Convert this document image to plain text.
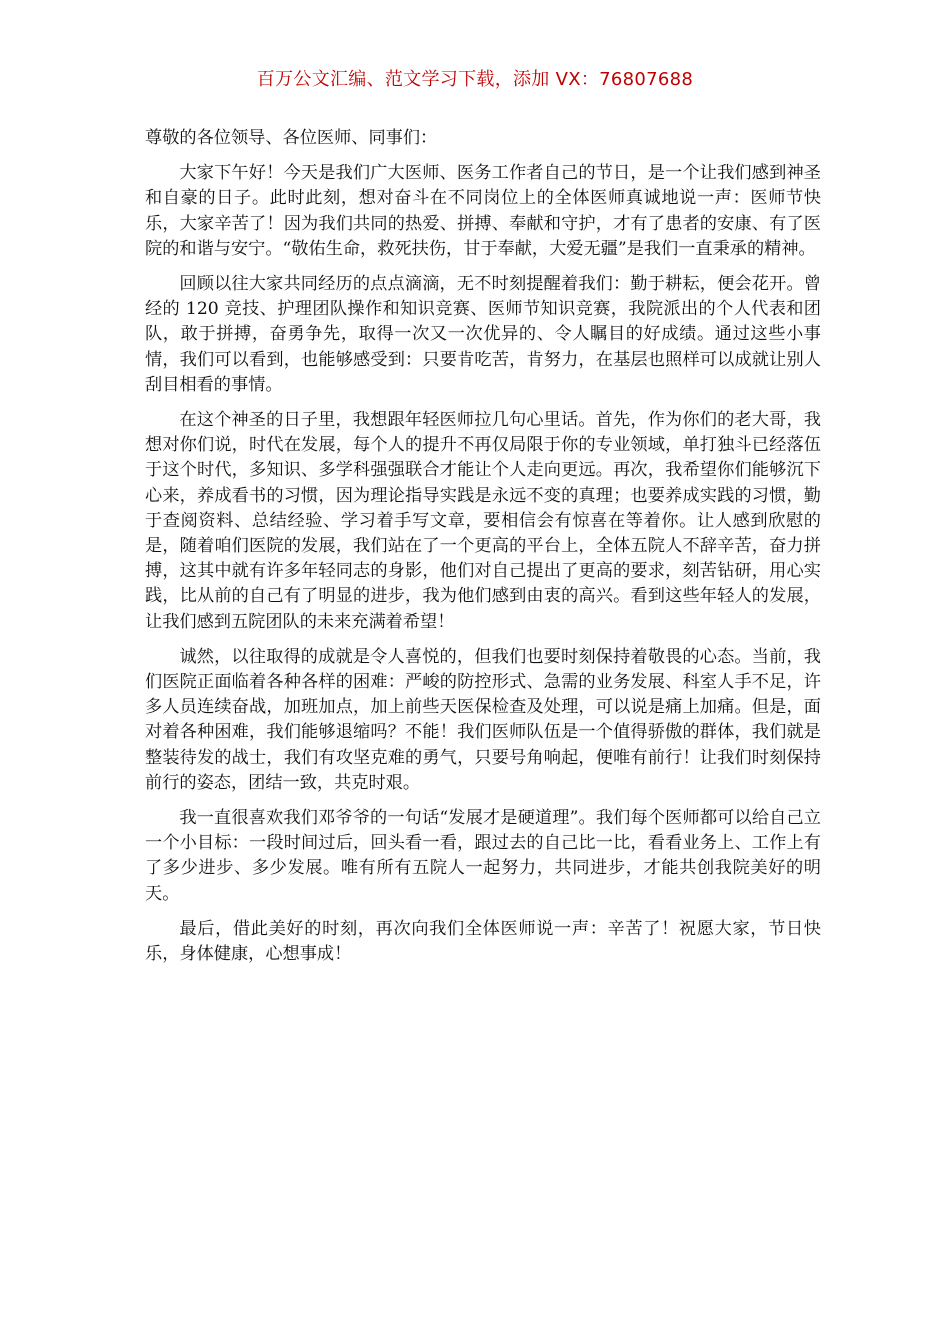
百万公文汇编、范文学习下载，添加 VX：76807688

尊敬的各位领导、各位医师、同事们：

大家下午好！今天是我们广大医师、医务工作者自己的节日，是一个让我们感到神圣和自豪的日子。此时此刻，想对奋斗在不同岗位上的全体医师真诚地说一声：医师节快乐，大家辛苦了！因为我们共同的热爱、拼搏、奉献和守护，才有了患者的安康、有了医院的和谐与安宁。“敬佑生命，救死扶伤，甘于奉献，大爱无疆”是我们一直秉承的精神。

回顾以往大家共同经历的点点滴滴，无不时刻提醒着我们：勤于耕耘，便会花开。曾经的 120 竞技、护理团队操作和知识竞赛、医师节知识竞赛，我院派出的个人代表和团队，敢于拼搏，奋勇争先，取得一次又一次优异的、令人瞩目的好成绩。通过这些小事情，我们可以看到，也能够感受到：只要肯吃苦，肯努力，在基层也照样可以成就让别人刮目相看的事情。

在这个神圣的日子里，我想跟年轻医师拉几句心里话。首先，作为你们的老大哥，我想对你们说，时代在发展，每个人的提升不再仅局限于你的专业领域，单打独斗已经落伍于这个时代，多知识、多学科强强联合才能让个人走向更远。再次，我希望你们能够沉下心来，养成看书的习惯，因为理论指导实践是永远不变的真理；也要养成实践的习惯，勤于查阅资料、总结经验、学习着手写文章，要相信会有惊喜在等着你。让人感到欣慰的是，随着咱们医院的发展，我们站在了一个更高的平台上，全体五院人不辞辛苦，奋力拼搏，这其中就有许多年轻同志的身影，他们对自己提出了更高的要求，刻苦钻研，用心实践，比从前的自己有了明显的进步，我为他们感到由衷的高兴。看到这些年轻人的发展，让我们感到五院团队的未来充满着希望！

诚然，以往取得的成就是令人喜悦的，但我们也要时刻保持着敬畏的心态。当前，我们医院正面临着各种各样的困难：严峻的防控形式、急需的业务发展、科室人手不足，许多人员连续奋战，加班加点，加上前些天医保检查及处理，可以说是痛上加痛。但是，面对着各种困难，我们能够退缩吗？不能！我们医师队伍是一个值得骄傲的群体，我们就是整装待发的战士，我们有攻坚克难的勇气，只要号角响起，便唯有前行！让我们时刻保持前行的姿态，团结一致，共克时艰。

我一直很喜欢我们邓爷爷的一句话“发展才是硬道理”。我们每个医师都可以给自己立一个小目标：一段时间过后，回头看一看，跟过去的自己比一比，看看业务上、工作上有了多少进步、多少发展。唯有所有五院人一起努力，共同进步，才能共创我院美好的明天。

最后，借此美好的时刻，再次向我们全体医师说一声：辛苦了！祝愿大家，节日快乐，身体健康，心想事成！
